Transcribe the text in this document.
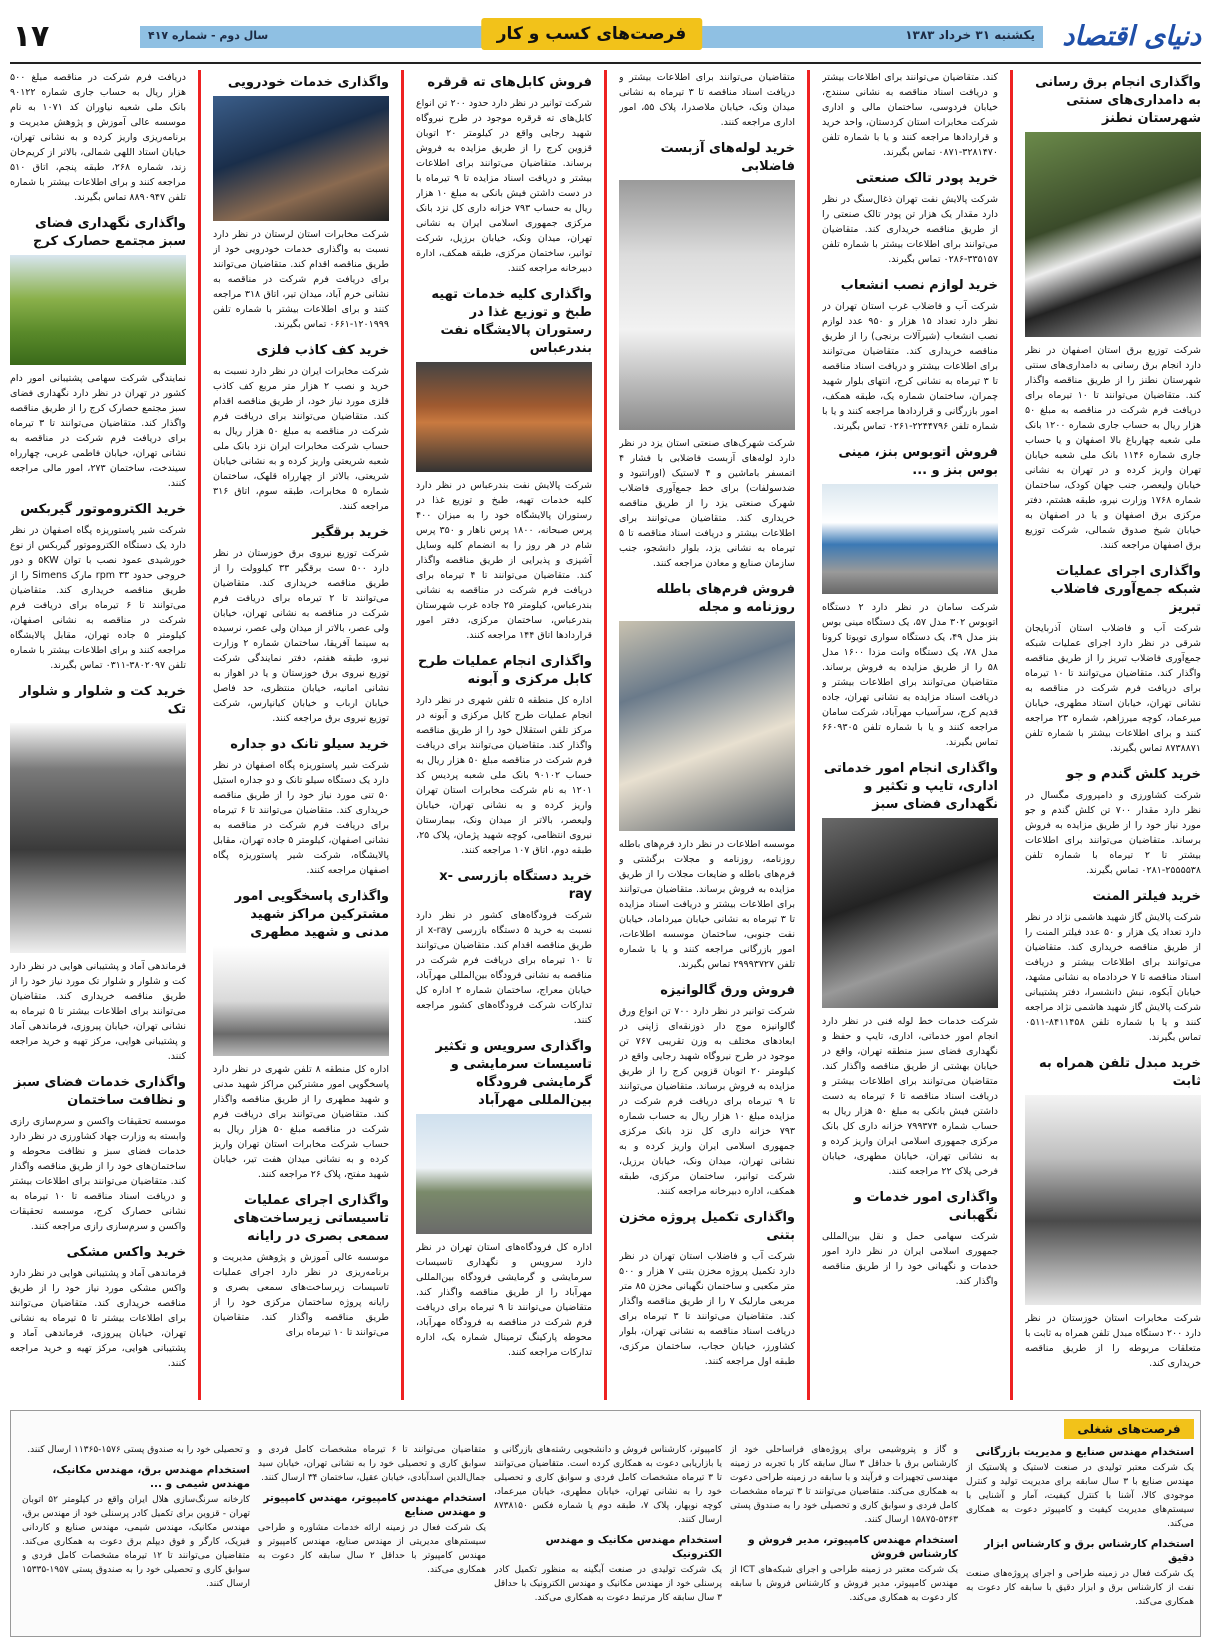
دنیای اقتصاد
یکشنبه ۳۱ خرداد ۱۳۸۳
فرصت‌های کسب و کار
سال دوم - شماره ۴۱۷
۱۷
واگذاری انجام برق رسانی به دامداری‌های سنتی شهرستان نطنز

شرکت توزیع برق استان اصفهان در نظر دارد انجام برق رسانی به دامداری‌های سنتی شهرستان نطنز را از طریق مناقصه واگذار کند. متقاضیان می‌توانند تا ۱۰ تیرماه برای دریافت فرم شرکت در مناقصه به مبلغ ۵۰ هزار ریال به حساب جاری شماره ۱۲۰۰ بانک ملی شعبه چهارباغ بالا اصفهان و یا حساب جاری شماره ۱۱۴۶ بانک ملی شعبه خیابان تهران واریز کرده و در تهران به نشانی خیابان ولیعصر، جنب جهان کودک، ساختمان شماره ۱۷۶۸ وزارت نیرو، طبقه هشتم، دفتر مرکزی برق اصفهان و یا در اصفهان به خیابان شیخ صدوق شمالی، شرکت توزیع برق اصفهان مراجعه کنند.

واگذاری اجرای عملیات شبکه جمع‌آوری فاضلاب تبریز

شرکت آب و فاضلاب استان آذربایجان شرقی در نظر دارد اجرای عملیات شبکه جمع‌آوری فاضلاب تبریز را از طریق مناقصه واگذار کند. متقاضیان می‌توانند تا ۱۰ تیرماه برای دریافت فرم شرکت در مناقصه به نشانی تهران، خیابان استاد مطهری، خیابان میرعماد، کوچه میرزاهم، شماره ۲۳ مراجعه کنند و برای اطلاعات بیشتر با شماره تلفن ۸۷۳۸۸۷۱ تماس بگیرند.

خرید کلش گندم و جو

شرکت کشاورزی و دامپروری مگسال در نظر دارد مقدار ۷۰۰ تن کلش گندم و جو مورد نیاز خود را از طریق مزایده به فروش برساند. متقاضیان می‌توانند برای اطلاعات بیشتر تا ۲ تیرماه با شماره تلفن ۲۵۵۵۵۳۸-۰۲۸۱ تماس بگیرند.

خرید فیلتر المنت

شرکت پالایش گاز شهید هاشمی نژاد در نظر دارد تعداد یک هزار و ۵۰ عدد فیلتر المنت را از طریق مناقصه خریداری کند. متقاضیان می‌توانند برای اطلاعات بیشتر و دریافت اسناد مناقصه تا ۷ خردادماه به نشانی مشهد، خیابان آبکوه، نبش دانشسرا، دفتر پشتیبانی شرکت پالایش گاز شهید هاشمی نژاد مراجعه کنند و یا با شماره تلفن ۸۴۱۱۴۵۸-۰۵۱۱ تماس بگیرند.

خرید مبدل تلفن همراه به ثابت

شرکت مخابرات استان خوزستان در نظر دارد ۲۰۰ دستگاه مبدل تلفن همراه به ثابت با متعلقات مربوطه را از طریق مناقصه خریداری کند.

کند. متقاضیان می‌توانند برای اطلاعات بیشتر و دریافت اسناد مناقصه به نشانی سنندج، خیابان فردوسی، ساختمان مالی و اداری شرکت مخابرات استان کردستان، واحد خرید و قراردادها مراجعه کنند و یا با شماره تلفن ۳۲۸۱۴۷۰-۰۸۷۱ تماس بگیرند.

خرید پودر تالک صنعتی

شرکت پالایش نفت تهران ذغال‌سنگ در نظر دارد مقدار یک هزار تن پودر تالک صنعتی را از طریق مناقصه خریداری کند. متقاضیان می‌توانند برای اطلاعات بیشتر با شماره تلفن ۳۳۵۱۵۷-۰۲۸۶ تماس بگیرند.

خرید لوازم نصب انشعاب

شرکت آب و فاضلاب غرب استان تهران در نظر دارد تعداد ۱۵ هزار و ۹۵۰ عدد لوازم نصب انشعاب (شیرآلات برنجی) را از طریق مناقصه خریداری کند. متقاضیان می‌توانند برای اطلاعات بیشتر و دریافت اسناد مناقصه تا ۳ تیرماه به نشانی کرج، انتهای بلوار شهید چمران، ساختمان شماره یک، طبقه همکف، امور بازرگانی و قراردادها مراجعه کنند و یا با شماره تلفن ۲۲۴۴۷۹۶-۰۲۶۱ تماس بگیرند.

فروش اتوبوس بنز، مینی بوس بنز و ...

شرکت سامان در نظر دارد ۲ دستگاه اتوبوس ۳۰۲ مدل ۵۷، یک دستگاه مینی بوس بنز مدل ۴۹، یک دستگاه سواری تویوتا کرونا مدل ۷۸، یک دستگاه وانت مزدا ۱۶۰۰ مدل ۵۸ را از طریق مزایده به فروش برساند. متقاضیان می‌توانند برای اطلاعات بیشتر و دریافت اسناد مزایده به نشانی تهران، جاده قدیم کرج، سرآسیاب مهرآباد، شرکت سامان مراجعه کنند و یا با شماره تلفن ۶۶۰۹۳۰۵ تماس بگیرند.

واگذاری انجام امور خدماتی اداری، تایپ و تکثیر و نگهداری فضای سبز

شرکت خدمات خط لوله فنی در نظر دارد انجام امور خدماتی، اداری، تایپ و حفظ و نگهداری فضای سبز منطقه تهران، واقع در خیابان بهشتی از طریق مناقصه واگذار کند. متقاضیان می‌توانند برای اطلاعات بیشتر و دریافت اسناد مناقصه تا ۶ تیرماه به دست داشتن فیش بانکی به مبلغ ۵۰ هزار ریال به حساب شماره ۷۹۹۳۷۴ خزانه داری کل بانک مرکزی جمهوری اسلامی ایران واریز کرده و به نشانی تهران، خیابان مطهری، خیابان فرخی پلاک ۲۲ مراجعه کنند.

واگذاری امور خدمات و نگهبانی

شرکت سهامی حمل و نقل بین‌المللی جمهوری اسلامی ایران در نظر دارد امور خدمات و نگهبانی خود را از طریق مناقصه واگذار کند.

متقاضیان می‌توانند برای اطلاعات بیشتر و دریافت اسناد مناقصه تا ۳ تیرماه به نشانی میدان ونک، خیابان ملاصدرا، پلاک ۵۵، امور اداری مراجعه کنند.

خرید لوله‌های آزبست فاضلابی

شرکت شهرک‌های صنعتی استان یزد در نظر دارد لوله‌های آزبست فاضلابی با فشار ۴ اتمسفر باماشین و ۴ لاستیک (اورانتیود و ضدسولفات) برای خط جمع‌آوری فاضلاب شهرک صنعتی یزد را از طریق مناقصه خریداری کند. متقاضیان می‌توانند برای اطلاعات بیشتر و دریافت اسناد مناقصه تا ۵ تیرماه به نشانی یزد، بلوار دانشجو، جنب سازمان صنایع و معادن مراجعه کنند.

فروش فرم‌های باطله روزنامه و مجله

موسسه اطلاعات در نظر دارد فرم‌های باطله روزنامه، روزنامه و مجلات برگشتی و فرم‌های باطله و ضایعات مجلات را از طریق مزایده به فروش برساند. متقاضیان می‌توانند برای اطلاعات بیشتر و دریافت اسناد مزایده تا ۳ تیرماه به نشانی خیابان میرداماد، خیابان نفت جنوبی، ساختمان موسسه اطلاعات، امور بازرگانی مراجعه کنند و یا با شماره تلفن ۲۹۹۹۳۷۲۷ تماس بگیرند.

فروش ورق گالوانیزه

شرکت توانیر در نظر دارد ۷۰۰ تن انواع ورق گالوانیزه موج دار ذوزنقه‌ای ژاپنی در ابعادهای مختلف به وزن تقریبی ۷۶۷ تن موجود در طرح نیروگاه شهید رجایی واقع در کیلومتر ۲۰ اتوبان قزوین کرج را از طریق مزایده به فروش برساند. متقاضیان می‌توانند تا ۹ تیرماه برای دریافت فرم شرکت در مزایده مبلغ ۱۰ هزار ریال به حساب شماره ۷۹۳ خزانه داری کل نزد بانک مرکزی جمهوری اسلامی ایران واریز کرده و به نشانی تهران، میدان ونک، خیابان برزیل، شرکت توانیر، ساختمان مرکزی، طبقه همکف، اداره دبیرخانه مراجعه کنند.

واگذاری تکمیل پروژه مخزن بتنی

شرکت آب و فاضلاب استان تهران در نظر دارد تکمیل پروژه مخزن بتنی ۷ هزار و ۵۰۰ متر مکعبی و ساختمان نگهبانی مخزن ۸۵ متر مربعی مارلیک ۷ را از طریق مناقصه واگذار کند. متقاضیان می‌توانند تا ۳ تیرماه برای دریافت اسناد مناقصه به نشانی تهران، بلوار کشاورز، خیابان حجاب، ساختمان مرکزی، طبقه اول مراجعه کنند.

فروش کابل‌های ته قرقره

شرکت توانیر در نظر دارد حدود ۲۰۰ تن انواع کابل‌های ته قرقره موجود در طرح نیروگاه شهید رجایی واقع در کیلومتر ۲۰ اتوبان قزوین کرج را از طریق مزایده به فروش برساند. متقاضیان می‌توانند برای اطلاعات بیشتر و دریافت اسناد مزایده تا ۹ تیرماه با در دست داشتن فیش بانکی به مبلغ ۱۰ هزار ریال به حساب ۷۹۳ خزانه داری کل نزد بانک مرکزی جمهوری اسلامی ایران به نشانی تهران، میدان ونک، خیابان برزیل، شرکت توانیر، ساختمان مرکزی، طبقه همکف، اداره دبیرخانه مراجعه کنند.

واگذاری کلیه خدمات تهیه طبخ و توزیع غذا در رستوران پالایشگاه نفت بندرعباس

شرکت پالایش نفت بندرعباس در نظر دارد کلیه خدمات تهیه، طبخ و توزیع غذا در رستوران پالایشگاه خود را به میزان ۴۰۰ پرس صبحانه، ۱۸۰۰ پرس ناهار و ۳۵۰ پرس شام در هر روز را به انضمام کلیه وسایل آشپزی و پذیرایی از طریق مناقصه واگذار کند. متقاضیان می‌توانند تا ۴ تیرماه برای دریافت فرم شرکت در مناقصه به نشانی بندرعباس، کیلومتر ۲۵ جاده غرب شهرستان بندرعباس، ساختمان مرکزی، دفتر امور قراردادها اتاق ۱۴۴ مراجعه کنند.

واگذاری انجام عملیات طرح کابل مرکزی و آبونه

اداره کل منطقه ۵ تلفن شهری در نظر دارد انجام عملیات طرح کابل مرکزی و آبونه در مرکز تلفن استقلال خود را از طریق مناقصه واگذار کند. متقاضیان می‌توانند برای دریافت فرم شرکت در مناقصه مبلغ ۵۰ هزار ریال به حساب ۹۰۱۰۲ بانک ملی شعبه پردیس کد ۱۲۰۱ به نام شرکت مخابرات استان تهران واریز کرده و به نشانی تهران، خیابان ولیعصر، بالاتر از میدان ونک، بیمارستان نیروی انتظامی، کوچه شهید پژمان، پلاک ۲۵، طبقه دوم، اتاق ۱۰۷ مراجعه کنند.

خرید دستگاه بازرسی x-ray

شرکت فرودگاه‌های کشور در نظر دارد نسبت به خرید ۵ دستگاه بازرسی x-ray از طریق مناقصه اقدام کند. متقاضیان می‌توانند تا ۱۰ تیرماه برای دریافت فرم شرکت در مناقصه به نشانی فرودگاه بین‌المللی مهرآباد، خیابان معراج، ساختمان شماره ۲ اداره کل تدارکات شرکت فرودگاه‌های کشور مراجعه کنند.

واگذاری سرویس و تکثیر تاسیسات سرمایشی و گرمایشی فرودگاه بین‌المللی مهرآباد

اداره کل فرودگاه‌های استان تهران در نظر دارد سرویس و نگهداری تاسیسات سرمایشی و گرمایشی فرودگاه بین‌المللی مهرآباد را از طریق مناقصه واگذار کند. متقاضیان می‌توانند تا ۹ تیرماه برای دریافت فرم شرکت در مناقصه به فرودگاه مهرآباد، محوطه پارکینگ ترمینال شماره یک، اداره تدارکات مراجعه کنند.

واگذاری خدمات خودرویی

شرکت مخابرات استان لرستان در نظر دارد نسبت به واگذاری خدمات خودرویی خود از طریق مناقصه اقدام کند. متقاضیان می‌توانند برای دریافت فرم شرکت در مناقصه به نشانی خرم آباد، میدان تیر، اتاق ۳۱۸ مراجعه کنند و برای اطلاعات بیشتر با شماره تلفن ۱۲۰۱۹۹۹-۰۶۶۱ تماس بگیرند.

خرید کف کاذب فلزی

شرکت مخابرات ایران در نظر دارد نسبت به خرید و نصب ۲ هزار متر مربع کف کاذب فلزی مورد نیاز خود، از طریق مناقصه اقدام کند. متقاضیان می‌توانند برای دریافت فرم شرکت در مناقصه به مبلغ ۵۰ هزار ریال به حساب شرکت مخابرات ایران نزد بانک ملی شعبه شریعتی واریز کرده و به نشانی خیابان شریعتی، بالاتر از چهارراه قلهک، ساختمان شماره ۵ مخابرات، طبقه سوم، اتاق ۳۱۶ مراجعه کنند.

خرید برقگیر

شرکت توزیع نیروی برق خوزستان در نظر دارد ۵۰۰ ست برقگیر ۳۳ کیلوولت را از طریق مناقصه خریداری کند. متقاضیان می‌توانند تا ۲ تیرماه برای دریافت فرم شرکت در مناقصه به نشانی تهران، خیابان ولی عصر، بالاتر از میدان ولی عصر، نرسیده به سینما آفریقا، ساختمان شماره ۲ وزارت نیرو، طبقه هفتم، دفتر نمایندگی شرکت توزیع نیروی برق خوزستان و یا در اهواز به نشانی امانیه، خیابان منتظری، حد فاصل خیابان ارباب و خیابان کیانپارس، شرکت توزیع نیروی برق مراجعه کنند.

خرید سیلو تانک دو جداره

شرکت شیر پاستوریزه پگاه اصفهان در نظر دارد یک دستگاه سیلو تانک و دو جداره استیل ۵۰ تنی مورد نیاز خود را از طریق مناقصه خریداری کند. متقاضیان می‌توانند تا ۶ تیرماه برای دریافت فرم شرکت در مناقصه به نشانی اصفهان، کیلومتر ۵ جاده تهران، مقابل پالایشگاه، شرکت شیر پاستوریزه پگاه اصفهان مراجعه کنند.

واگذاری پاسخگویی امور مشترکین مراکز شهید مدنی و شهید مطهری

اداره کل منطقه ۸ تلفن شهری در نظر دارد پاسخگویی امور مشترکین مراکز شهید مدنی و شهید مطهری را از طریق مناقصه واگذار کند. متقاضیان می‌توانند برای دریافت فرم شرکت در مناقصه مبلغ ۵۰ هزار ریال به حساب شرکت مخابرات استان تهران واریز کرده و به نشانی میدان هفت تیر، خیابان شهید مفتح، پلاک ۲۶ مراجعه کنند.

واگذاری اجرای عملیات تاسیساتی زیرساخت‌های سمعی بصری در رایانه

موسسه عالی آموزش و پژوهش مدیریت و برنامه‌ریزی در نظر دارد اجرای عملیات تاسیسات زیرساخت‌های سمعی بصری و رایانه پروژه ساختمان مرکزی خود را از طریق مناقصه واگذار کند. متقاضیان می‌توانند تا ۱۰ تیرماه برای

دریافت فرم شرکت در مناقصه مبلغ ۵۰۰ هزار ریال به حساب جاری شماره ۹۰۱۲۲ بانک ملی شعبه نیاوران کد ۱۰۷۱ به نام موسسه عالی آموزش و پژوهش مدیریت و برنامه‌ریزی واریز کرده و به نشانی تهران، خیابان استاد اللهی شمالی، بالاتر از کریم‌خان زند، شماره ۲۶۸، طبقه پنجم، اتاق ۵۱۰ مراجعه کنند و برای اطلاعات بیشتر با شماره تلفن ۸۸۹۰۹۴۷ تماس بگیرند.

واگذاری نگهداری فضای سبز مجتمع حصارک کرج

نمایندگی شرکت سهامی پشتیبانی امور دام کشور در تهران در نظر دارد نگهداری فضای سبز مجتمع حصارک کرج را از طریق مناقصه واگذار کند. متقاضیان می‌توانند تا ۳ تیرماه برای دریافت فرم شرکت در مناقصه به نشانی تهران، خیابان فاطمی غربی، چهارراه سیندخت، ساختمان ۲۷۳، امور مالی مراجعه کنند.

خرید الکتروموتور گیربکس

شرکت شیر پاستوریزه پگاه اصفهان در نظر دارد یک دستگاه الکتروموتور گیربکس از نوع خورشیدی عمود نصب با توان ۵KW و دور خروجی حدود rpm ۳۳ مارک Simens را از طریق مناقصه خریداری کند. متقاضیان می‌توانند تا ۶ تیرماه برای دریافت فرم شرکت در مناقصه به نشانی اصفهان، کیلومتر ۵ جاده تهران، مقابل پالایشگاه مراجعه کنند و برای اطلاعات بیشتر با شماره تلفن ۳۸۰۲۰۹۷-۰۳۱۱ تماس بگیرند.

خرید کت و شلوار و شلوار تک

فرماندهی آماد و پشتیبانی هوایی در نظر دارد کت و شلوار و شلوار تک مورد نیاز خود را از طریق مناقصه خریداری کند. متقاضیان می‌توانند برای اطلاعات بیشتر تا ۵ تیرماه به نشانی تهران، خیابان پیروزی، فرماندهی آماد و پشتیبانی هوایی، مرکز تهیه و خرید مراجعه کنند.

واگذاری خدمات فضای سبز و نظافت ساختمان

موسسه تحقیقات واکسن و سرم‌سازی رازی وابسته به وزارت جهاد کشاورزی در نظر دارد خدمات فضای سبز و نظافت محوطه و ساختمان‌های خود را از طریق مناقصه واگذار کند. متقاضیان می‌توانند برای اطلاعات بیشتر و دریافت اسناد مناقصه تا ۱۰ تیرماه به نشانی حصارک کرج، موسسه تحقیقات واکسن و سرم‌سازی رازی مراجعه کنند.

خرید واکس مشکی

فرماندهی آماد و پشتیبانی هوایی در نظر دارد واکس مشکی مورد نیاز خود را از طریق مناقصه خریداری کند. متقاضیان می‌توانند برای اطلاعات بیشتر تا ۵ تیرماه به نشانی تهران، خیابان پیروزی، فرماندهی آماد و پشتیبانی هوایی، مرکز تهیه و خرید مراجعه کنند.

فرصت‌های شغلی
استخدام مهندس صنایع و مدیریت بازرگانی

یک شرکت معتبر تولیدی در صنعت لاستیک و پلاستیک از مهندس صنایع با ۳ سال سابقه برای مدیریت تولید و کنترل موجودی کالا، آشنا با کنترل کیفیت، آمار و آشنایی با سیستم‌های مدیریت کیفیت و کامپیوتر دعوت به همکاری می‌کند.

استخدام کارشناس برق و کارشناس ابزار دقیق

یک شرکت فعال در زمینه طراحی و اجرای پروژه‌های صنعت نفت از کارشناس برق و ابزار دقیق با سابقه کار دعوت به همکاری می‌کند.

و گاز و پتروشیمی برای پروژه‌های فراساحلی خود از کارشناس برق با حداقل ۳ سال سابقه کار با تجربه در زمینه مهندسی تجهیزات و فرآیند و با سابقه در زمینه طراحی دعوت به همکاری می‌کند. متقاضیان می‌توانند تا ۳ تیرماه مشخصات کامل فردی و سوابق کاری و تحصیلی خود را به صندوق پستی ۵۳۶۳-۱۵۸۷۵ ارسال کنند.

استخدام مهندس کامپیوتر، مدیر فروش و کارشناس فروش

یک شرکت معتبر در زمینه طراحی و اجرای شبکه‌های ICT از مهندس کامپیوتر، مدیر فروش و کارشناس فروش با سابقه کار دعوت به همکاری می‌کند.

کامپیوتر، کارشناس فروش و دانشجویی رشته‌های بازرگانی و یا بازاریابی دعوت به همکاری کرده است. متقاضیان می‌توانند تا ۳ تیرماه مشخصات کامل فردی و سوابق کاری و تحصیلی خود را به نشانی تهران، خیابان مطهری، خیابان میرعماد، کوچه نوبهار، پلاک ۷، طبقه دوم یا شماره فکس ۸۷۳۸۱۵۰ ارسال کنند.

استخدام مهندس مکانیک و مهندس الکترونیک

یک شرکت تولیدی در صنعت آبگینه به منظور تکمیل کادر پرسنلی خود از مهندس مکانیک و مهندس الکترونیک با حداقل ۳ سال سابقه کار مرتبط دعوت به همکاری می‌کند.

متقاضیان می‌توانند تا ۶ تیرماه مشخصات کامل فردی و سوابق کاری و تحصیلی خود را به نشانی تهران، خیابان سید جمال‌الدین اسدآبادی، خیابان عقیل، ساختمان ۳۴ ارسال کنند.

استخدام مهندس کامپیوتر، مهندس کامپیوتر و مهندس صنایع

یک شرکت فعال در زمینه ارائه خدمات مشاوره و طراحی سیستم‌های مدیریتی از مهندس صنایع، مهندس کامپیوتر و مهندس کامپیوتر با حداقل ۲ سال سابقه کار دعوت به همکاری می‌کند.

و تحصیلی خود را به صندوق پستی ۱۵۷۶-۱۱۳۶۵ ارسال کنند.

استخدام مهندس برق، مهندس مکانیک، مهندس شیمی و ...

کارخانه سرنگ‌سازی هلال ایران واقع در کیلومتر ۵۲ اتوبان تهران - قزوین برای تکمیل کادر پرسنلی خود از مهندس برق، مهندس مکانیک، مهندس شیمی، مهندس صنایع و کاردانی فیزیک، کارگر و فوق دیپلم برق دعوت به همکاری می‌کند. متقاضیان می‌توانند تا ۱۲ تیرماه مشخصات کامل فردی و سوابق کاری و تحصیلی خود را به صندوق پستی ۱۹۵۷-۱۵۳۳۵ ارسال کنند.
